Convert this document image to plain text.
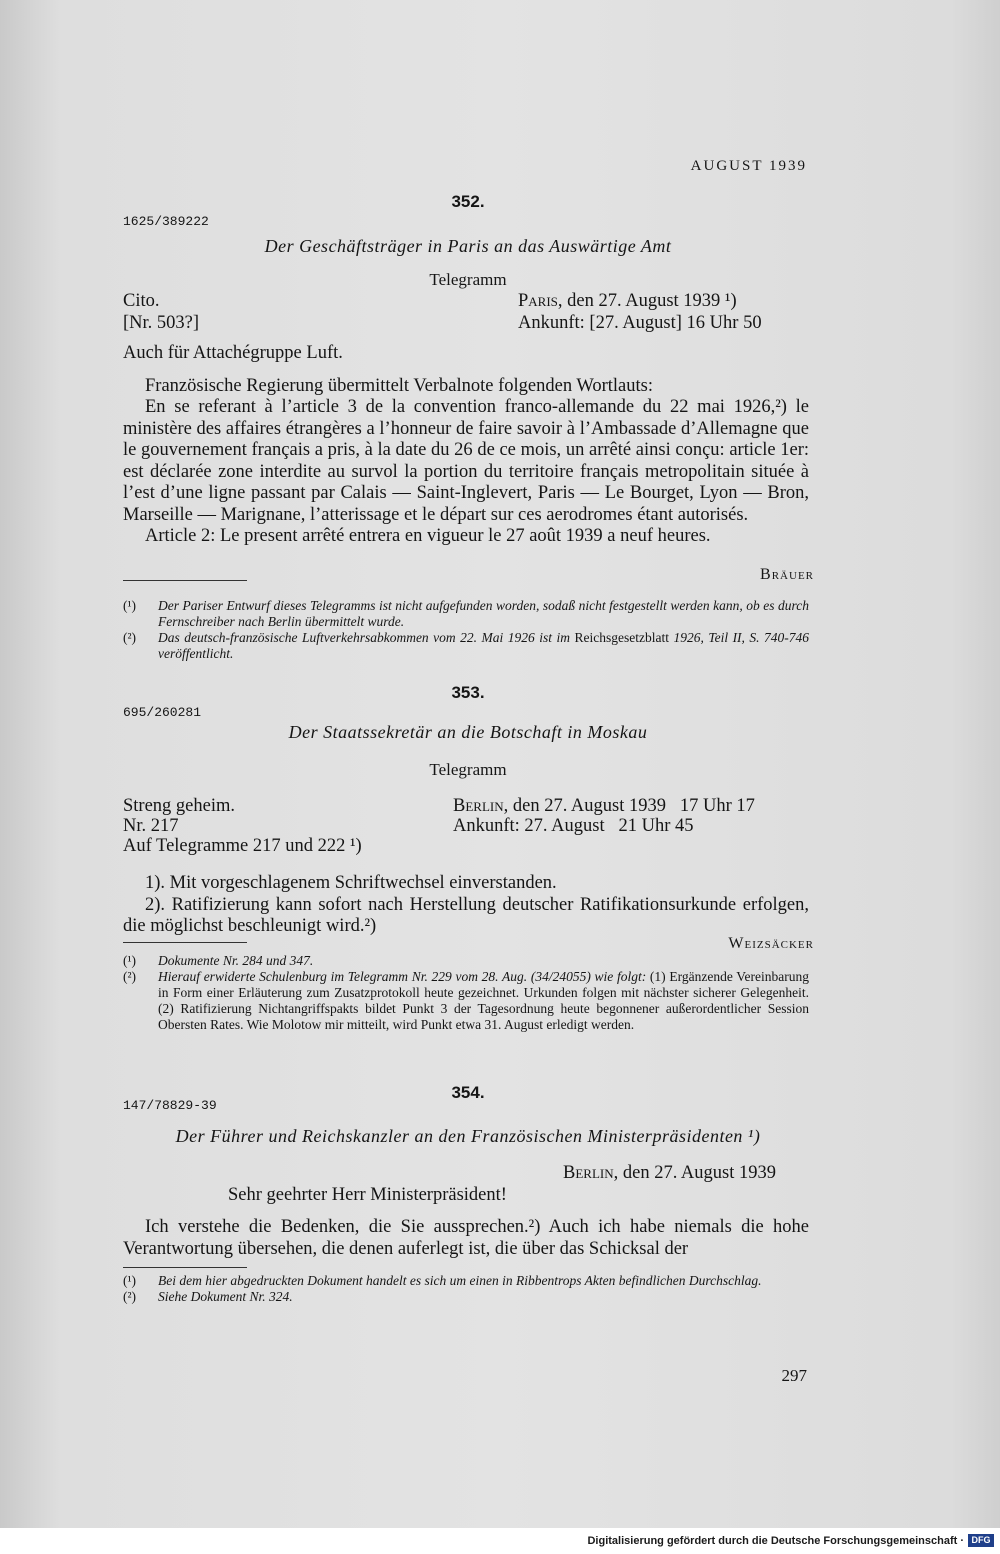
AUGUST 1939

352.

1625/389222

Der Geschäftsträger in Paris an das Auswärtige Amt

Telegramm

Cito.

[Nr. 503?]

Paris, den 27. August 1939 ¹)

Ankunft: [27. August] 16 Uhr 50

Auch für Attachégruppe Luft.

Französische Regierung übermittelt Verbalnote folgenden Wortlauts:

En se referant à l’article 3 de la convention franco-allemande du 22 mai 1926,²) le ministère des affaires étrangères a l’honneur de faire savoir à l’Ambassade d’Allemagne que le gouvernement français a pris, à la date du 26 de ce mois, un arrêté ainsi conçu: article 1er: est déclarée zone interdite au survol la portion du territoire français metropolitain située à l’est d’une ligne passant par Calais — Saint-Inglevert, Paris — Le Bourget, Lyon — Bron, Marseille — Marignane, l’atterissage et le départ sur ces aerodromes étant autorisés.

Article 2: Le present arrêté entrera en vigueur le 27 août 1939 a neuf heures.

Bräuer

(¹) Der Pariser Entwurf dieses Telegramms ist nicht aufgefunden worden, sodaß nicht festgestellt werden kann, ob es durch Fernschreiber nach Berlin übermittelt wurde.
(²) Das deutsch-französische Luftverkehrsabkommen vom 22. Mai 1926 ist im Reichsgesetzblatt 1926, Teil II, S. 740-746 veröffentlicht.

353.

695/260281

Der Staatssekretär an die Botschaft in Moskau

Telegramm

Streng geheim.

Nr. 217

Auf Telegramme 217 und 222 ¹)

Berlin, den 27. August 1939   17 Uhr 17

Ankunft: 27. August   21 Uhr 45

1). Mit vorgeschlagenem Schriftwechsel einverstanden.

2). Ratifizierung kann sofort nach Herstellung deutscher Ratifikationsurkunde erfolgen, die möglichst beschleunigt wird.²)

Weizsäcker

(¹) Dokumente Nr. 284 und 347.
(²) Hierauf erwiderte Schulenburg im Telegramm Nr. 229 vom 28. Aug. (34/24055) wie folgt: (1) Ergänzende Vereinbarung in Form einer Erläuterung zum Zusatzprotokoll heute gezeichnet. Urkunden folgen mit nächster sicherer Gelegenheit. (2) Ratifizierung Nichtangriffspakts bildet Punkt 3 der Tagesordnung heute begonnener außerordentlicher Session Obersten Rates. Wie Molotow mir mitteilt, wird Punkt etwa 31. August erledigt werden.

354.

147/78829-39

Der Führer und Reichskanzler an den Französischen Ministerpräsidenten ¹)

Berlin, den 27. August 1939

Sehr geehrter Herr Ministerpräsident!

Ich verstehe die Bedenken, die Sie aussprechen.²) Auch ich habe niemals die hohe Verantwortung übersehen, die denen auferlegt ist, die über das Schicksal der

(¹) Bei dem hier abgedruckten Dokument handelt es sich um einen in Ribbentrops Akten befindlichen Durchschlag.
(²) Siehe Dokument Nr. 324.

297

Digitalisierung gefördert durch die Deutsche Forschungsgemeinschaft · DFG
